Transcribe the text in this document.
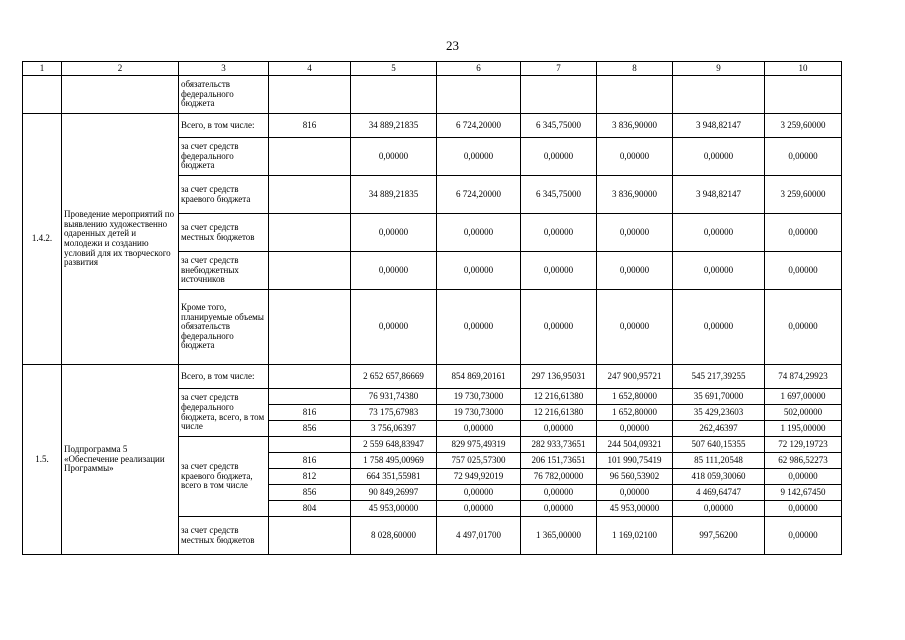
23
1	2	3	4	5	6	7	8	9	10
		обязательств федерального бюджета							
1.4.2.	Проведение мероприятий по выявлению художественно одаренных детей и молодежи и созданию условий для их творческого развития	Всего, в том числе:	816	34 889,21835	6 724,20000	6 345,75000	3 836,90000	3 948,82147	3 259,60000
		за счет средств федерального бюджета		0,00000	0,00000	0,00000	0,00000	0,00000	0,00000
		за счет средств краевого бюджета		34 889,21835	6 724,20000	6 345,75000	3 836,90000	3 948,82147	3 259,60000
		за счет средств местных бюджетов		0,00000	0,00000	0,00000	0,00000	0,00000	0,00000
		за счет средств внебюджетных источников		0,00000	0,00000	0,00000	0,00000	0,00000	0,00000
		Кроме того, планируемые объемы обязательств федерального бюджета		0,00000	0,00000	0,00000	0,00000	0,00000	0,00000
1.5.	Подпрограмма 5 «Обеспечение реализации Программы»	Всего, в том числе:		2 652 657,86669	854 869,20161	297 136,95031	247 900,95721	545 217,39255	74 874,29923
		за счет средств федерального бюджета, всего, в том числе		76 931,74380	19 730,73000	12 216,61380	1 652,80000	35 691,70000	1 697,00000
			816	73 175,67983	19 730,73000	12 216,61380	1 652,80000	35 429,23603	502,00000
			856	3 756,06397	0,00000	0,00000	0,00000	262,46397	1 195,00000
		за счет средств краевого бюджета, всего в том числе		2 559 648,83947	829 975,49319	282 933,73651	244 504,09321	507 640,15355	72 129,19723
			816	1 758 495,00969	757 025,57300	206 151,73651	101 990,75419	85 111,20548	62 986,52273
			812	664 351,55981	72 949,92019	76 782,00000	96 560,53902	418 059,30060	0,00000
			856	90 849,26997	0,00000	0,00000	0,00000	4 469,64747	9 142,67450
			804	45 953,00000	0,00000	0,00000	45 953,00000	0,00000	0,00000
		за счет средств местных бюджетов		8 028,60000	4 497,01700	1 365,00000	1 169,02100	997,56200	0,00000
